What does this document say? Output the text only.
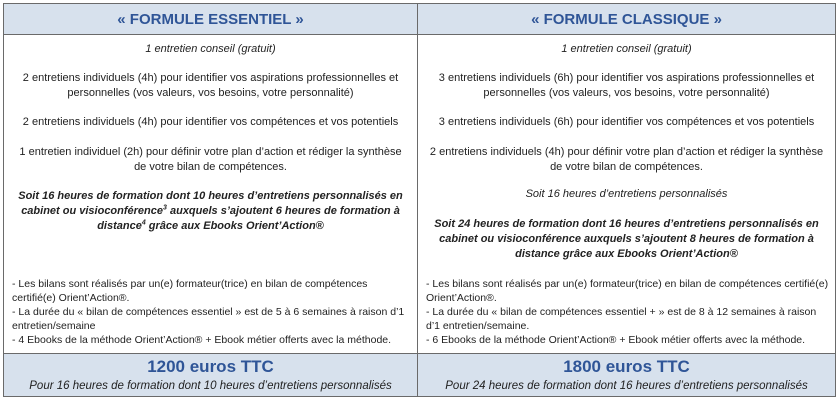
« FORMULE ESSENTIEL »
1 entretien conseil (gratuit)
2 entretiens individuels (4h) pour identifier vos aspirations professionnelles et personnelles (vos valeurs, vos besoins, votre personnalité)
2 entretiens individuels (4h) pour identifier vos compétences et vos potentiels
1 entretien individuel (2h) pour définir votre plan d’action et rédiger la synthèse de votre bilan de compétences.
Soit 16 heures de formation dont 10 heures d’entretiens personnalisés en cabinet ou visioconférence$^3$ auxquels s’ajoutent 6 heures de formation à distance$^4$ grâce aux Ebooks Orient’Action®
- Les bilans sont réalisés par un(e) formateur(trice) en bilan de compétences certifié(e) Orient’Action®.
- La durée du « bilan de compétences essentiel » est de 5 à 6 semaines à raison d’1 entretien/semaine
- 4 Ebooks de la méthode Orient’Action® + Ebook métier offerts avec la méthode.
1200 euros TTC
Pour 16 heures de formation dont 10 heures d’entretiens personnalisés
« FORMULE CLASSIQUE »
1 entretien conseil (gratuit)
3 entretiens individuels (6h) pour identifier vos aspirations professionnelles et personnelles (vos valeurs, vos besoins, votre personnalité)
3 entretiens individuels (6h) pour identifier vos compétences et vos potentiels
2 entretiens individuels (4h) pour définir votre plan d’action et rédiger la synthèse de votre bilan de compétences.
Soit 16 heures d’entretiens personnalisés
Soit 24 heures de formation dont 16 heures d’entretiens personnalisés en cabinet ou visioconférence auxquels s’ajoutent 8 heures de formation à distance grâce aux Ebooks Orient’Action®
- Les bilans sont réalisés par un(e) formateur(trice) en bilan de compétences certifié(e) Orient’Action®.
- La durée du « bilan de compétences essentiel + » est de 8 à 12 semaines à raison d’1 entretien/semaine.
- 6 Ebooks de la méthode Orient’Action® + Ebook métier offerts avec la méthode.
1800 euros TTC
Pour 24 heures de formation dont 16 heures d’entretiens personnalisés
